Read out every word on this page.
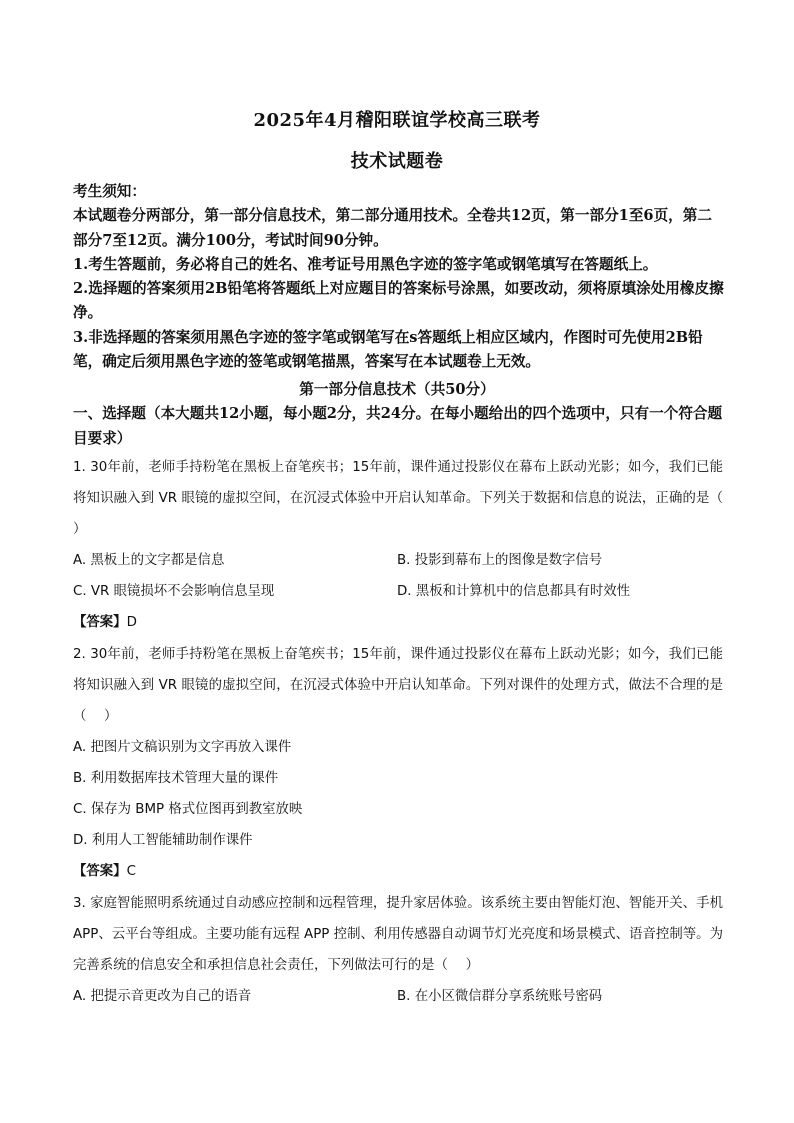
2025年4月稽阳联谊学校高三联考
技术试题卷

考生须知：

本试题卷分两部分，第一部分信息技术，第二部分通用技术。全卷共12页，第一部分1至6页，第二部分7至12页。满分100分，考试时间90分钟。

1.考生答题前，务必将自己的姓名、准考证号用黑色字迹的签字笔或钢笔填写在答题纸上。

2.选择题的答案须用2B铅笔将答题纸上对应题目的答案标号涂黑，如要改动，须将原填涂处用橡皮擦净。

3.非选择题的答案须用黑色字迹的签字笔或钢笔写在s答题纸上相应区域内，作图时可先使用2B铅笔，确定后须用黑色字迹的签笔或钢笔描黑，答案写在本试题卷上无效。

第一部分信息技术（共50分）
一、选择题（本大题共12小题，每小题2分，共24分。在每小题给出的四个选项中，只有一个符合题目要求）
1. 30年前，老师手持粉笔在黑板上奋笔疾书；15年前，课件通过投影仪在幕布上跃动光影；如今，我们已能将知识融入到 VR 眼镜的虚拟空间，在沉浸式体验中开启认知革命。下列关于数据和信息的说法，正确的是（　 ）
A. 黑板上的文字都是信息	B. 投影到幕布上的图像是数字信号
C. VR 眼镜损坏不会影响信息呈现	D. 黑板和计算机中的信息都具有时效性
【答案】D
2. 30年前，老师手持粉笔在黑板上奋笔疾书；15年前，课件通过投影仪在幕布上跃动光影；如今，我们已能将知识融入到 VR 眼镜的虚拟空间，在沉浸式体验中开启认知革命。下列对课件的处理方式，做法不合理的是（　 ）
A. 把图片文稿识别为文字再放入课件
B. 利用数据库技术管理大量的课件
C. 保存为 BMP 格式位图再到教室放映
D. 利用人工智能辅助制作课件
【答案】C
3. 家庭智能照明系统通过自动感应控制和远程管理，提升家居体验。该系统主要由智能灯泡、智能开关、手机 APP、云平台等组成。主要功能有远程 APP 控制、利用传感器自动调节灯光亮度和场景模式、语音控制等。为完善系统的信息安全和承担信息社会责任，下列做法可行的是（　 ）
A. 把提示音更改为自己的语音	B. 在小区微信群分享系统账号密码
